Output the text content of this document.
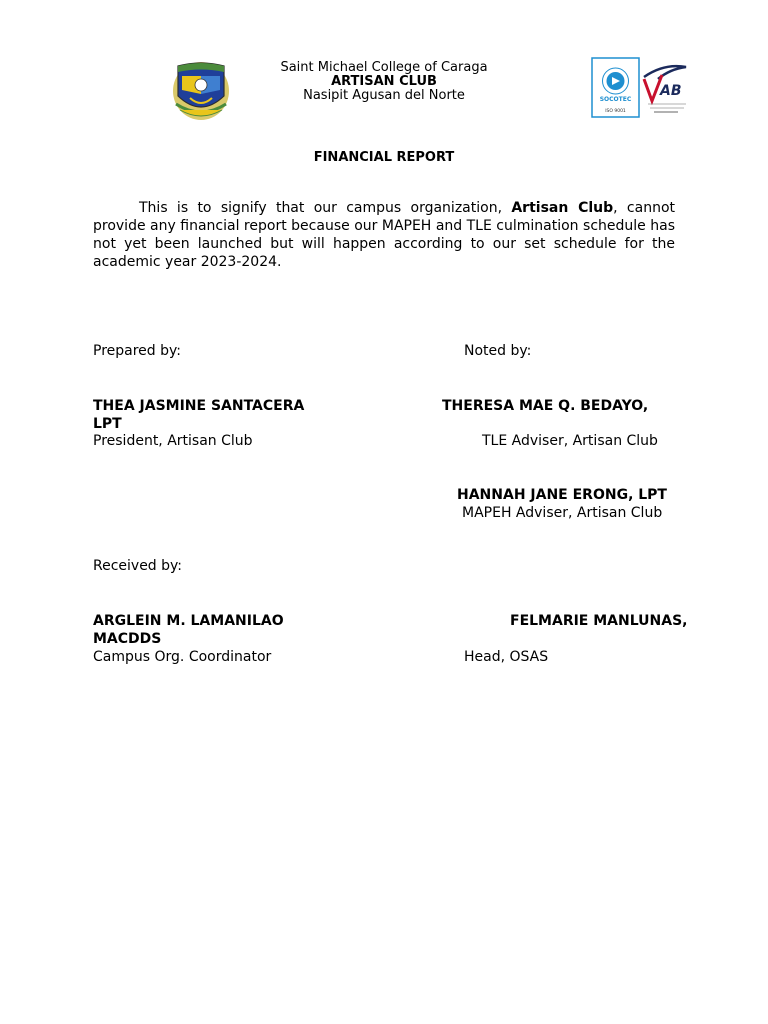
Saint Michael College of Caraga
ARTISAN CLUB
Nasipit Agusan del Norte	SOCOTEC
ISO 9001
AB
FINANCIAL REPORT
This is to signify that our campus organization, Artisan Club, cannot provide any financial report because our MAPEH and TLE culmination schedule has not yet been launched but will happen according to our set schedule for the academic year 2023-2024.
Prepared by:	Noted by:
THEA JASMINE SANTACERA
LPT
President, Artisan Club
THERESA MAE Q. BEDAYO,
TLE Adviser, Artisan Club
HANNAH JANE ERONG, LPT
MAPEH Adviser, Artisan Club
Received by:
ARGLEIN M. LAMANILAO
MACDDS
Campus Org. Coordinator
FELMARIE MANLUNAS,
Head, OSAS
